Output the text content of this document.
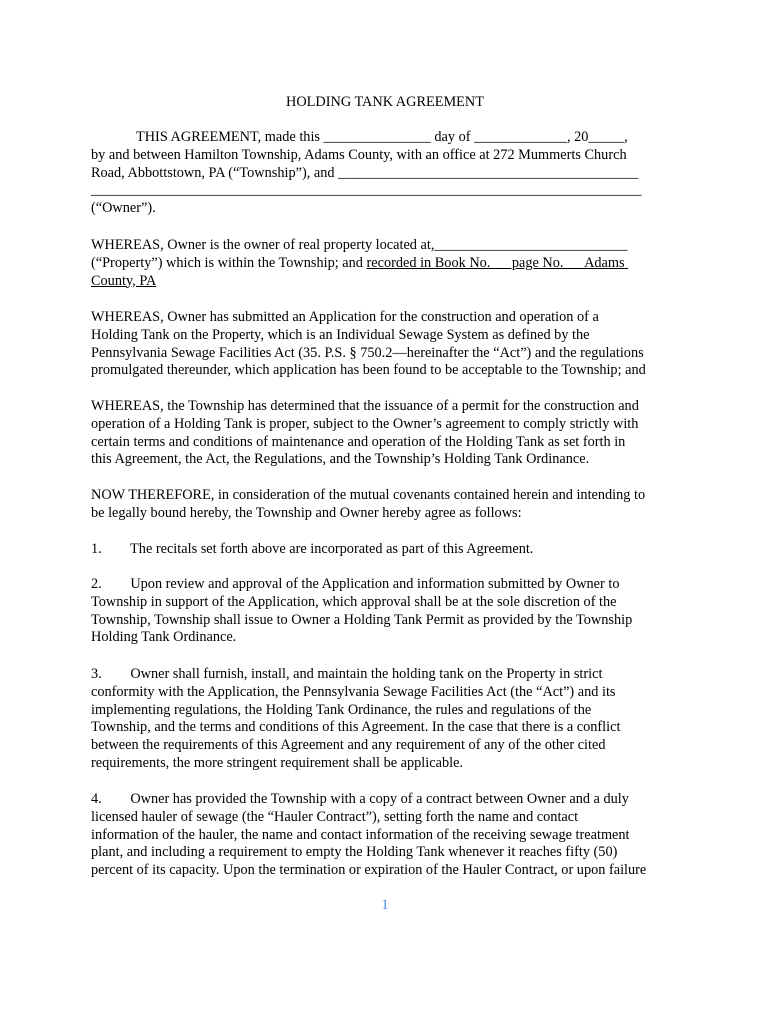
HOLDING TANK AGREEMENT
THIS AGREEMENT, made this _______________ day of _____________, 20_____,
by and between Hamilton Township, Adams County, with an office at 272 Mummerts Church
Road, Abbottstown, PA (“Township”), and __________________________________________
_____________________________________________________________________________
(“Owner”).
WHEREAS, Owner is the owner of real property located at,___________________________
(“Property”) which is within the Township; and recorded in Book No.      page No.      Adams
County, PA
WHEREAS, Owner has submitted an Application for the construction and operation of a
Holding Tank on the Property, which is an Individual Sewage System as defined by the
Pennsylvania Sewage Facilities Act (35. P.S. § 750.2—hereinafter the “Act”) and the regulations
promulgated thereunder, which application has been found to be acceptable to the Township; and
WHEREAS, the Township has determined that the issuance of a permit for the construction and
operation of a Holding Tank is proper, subject to the Owner’s agreement to comply strictly with
certain terms and conditions of maintenance and operation of the Holding Tank as set forth in
this Agreement, the Act, the Regulations, and the Township’s Holding Tank Ordinance.
NOW THEREFORE, in consideration of the mutual covenants contained herein and intending to
be legally bound hereby, the Township and Owner hereby agree as follows:
1.        The recitals set forth above are incorporated as part of this Agreement.
2.        Upon review and approval of the Application and information submitted by Owner to
Township in support of the Application, which approval shall be at the sole discretion of the
Township, Township shall issue to Owner a Holding Tank Permit as provided by the Township
Holding Tank Ordinance.
3.        Owner shall furnish, install, and maintain the holding tank on the Property in strict
conformity with the Application, the Pennsylvania Sewage Facilities Act (the “Act”) and its
implementing regulations, the Holding Tank Ordinance, the rules and regulations of the
Township, and the terms and conditions of this Agreement. In the case that there is a conflict
between the requirements of this Agreement and any requirement of any of the other cited
requirements, the more stringent requirement shall be applicable.
4.        Owner has provided the Township with a copy of a contract between Owner and a duly
licensed hauler of sewage (the “Hauler Contract”), setting forth the name and contact
information of the hauler, the name and contact information of the receiving sewage treatment
plant, and including a requirement to empty the Holding Tank whenever it reaches fifty (50)
percent of its capacity. Upon the termination or expiration of the Hauler Contract, or upon failure
1
